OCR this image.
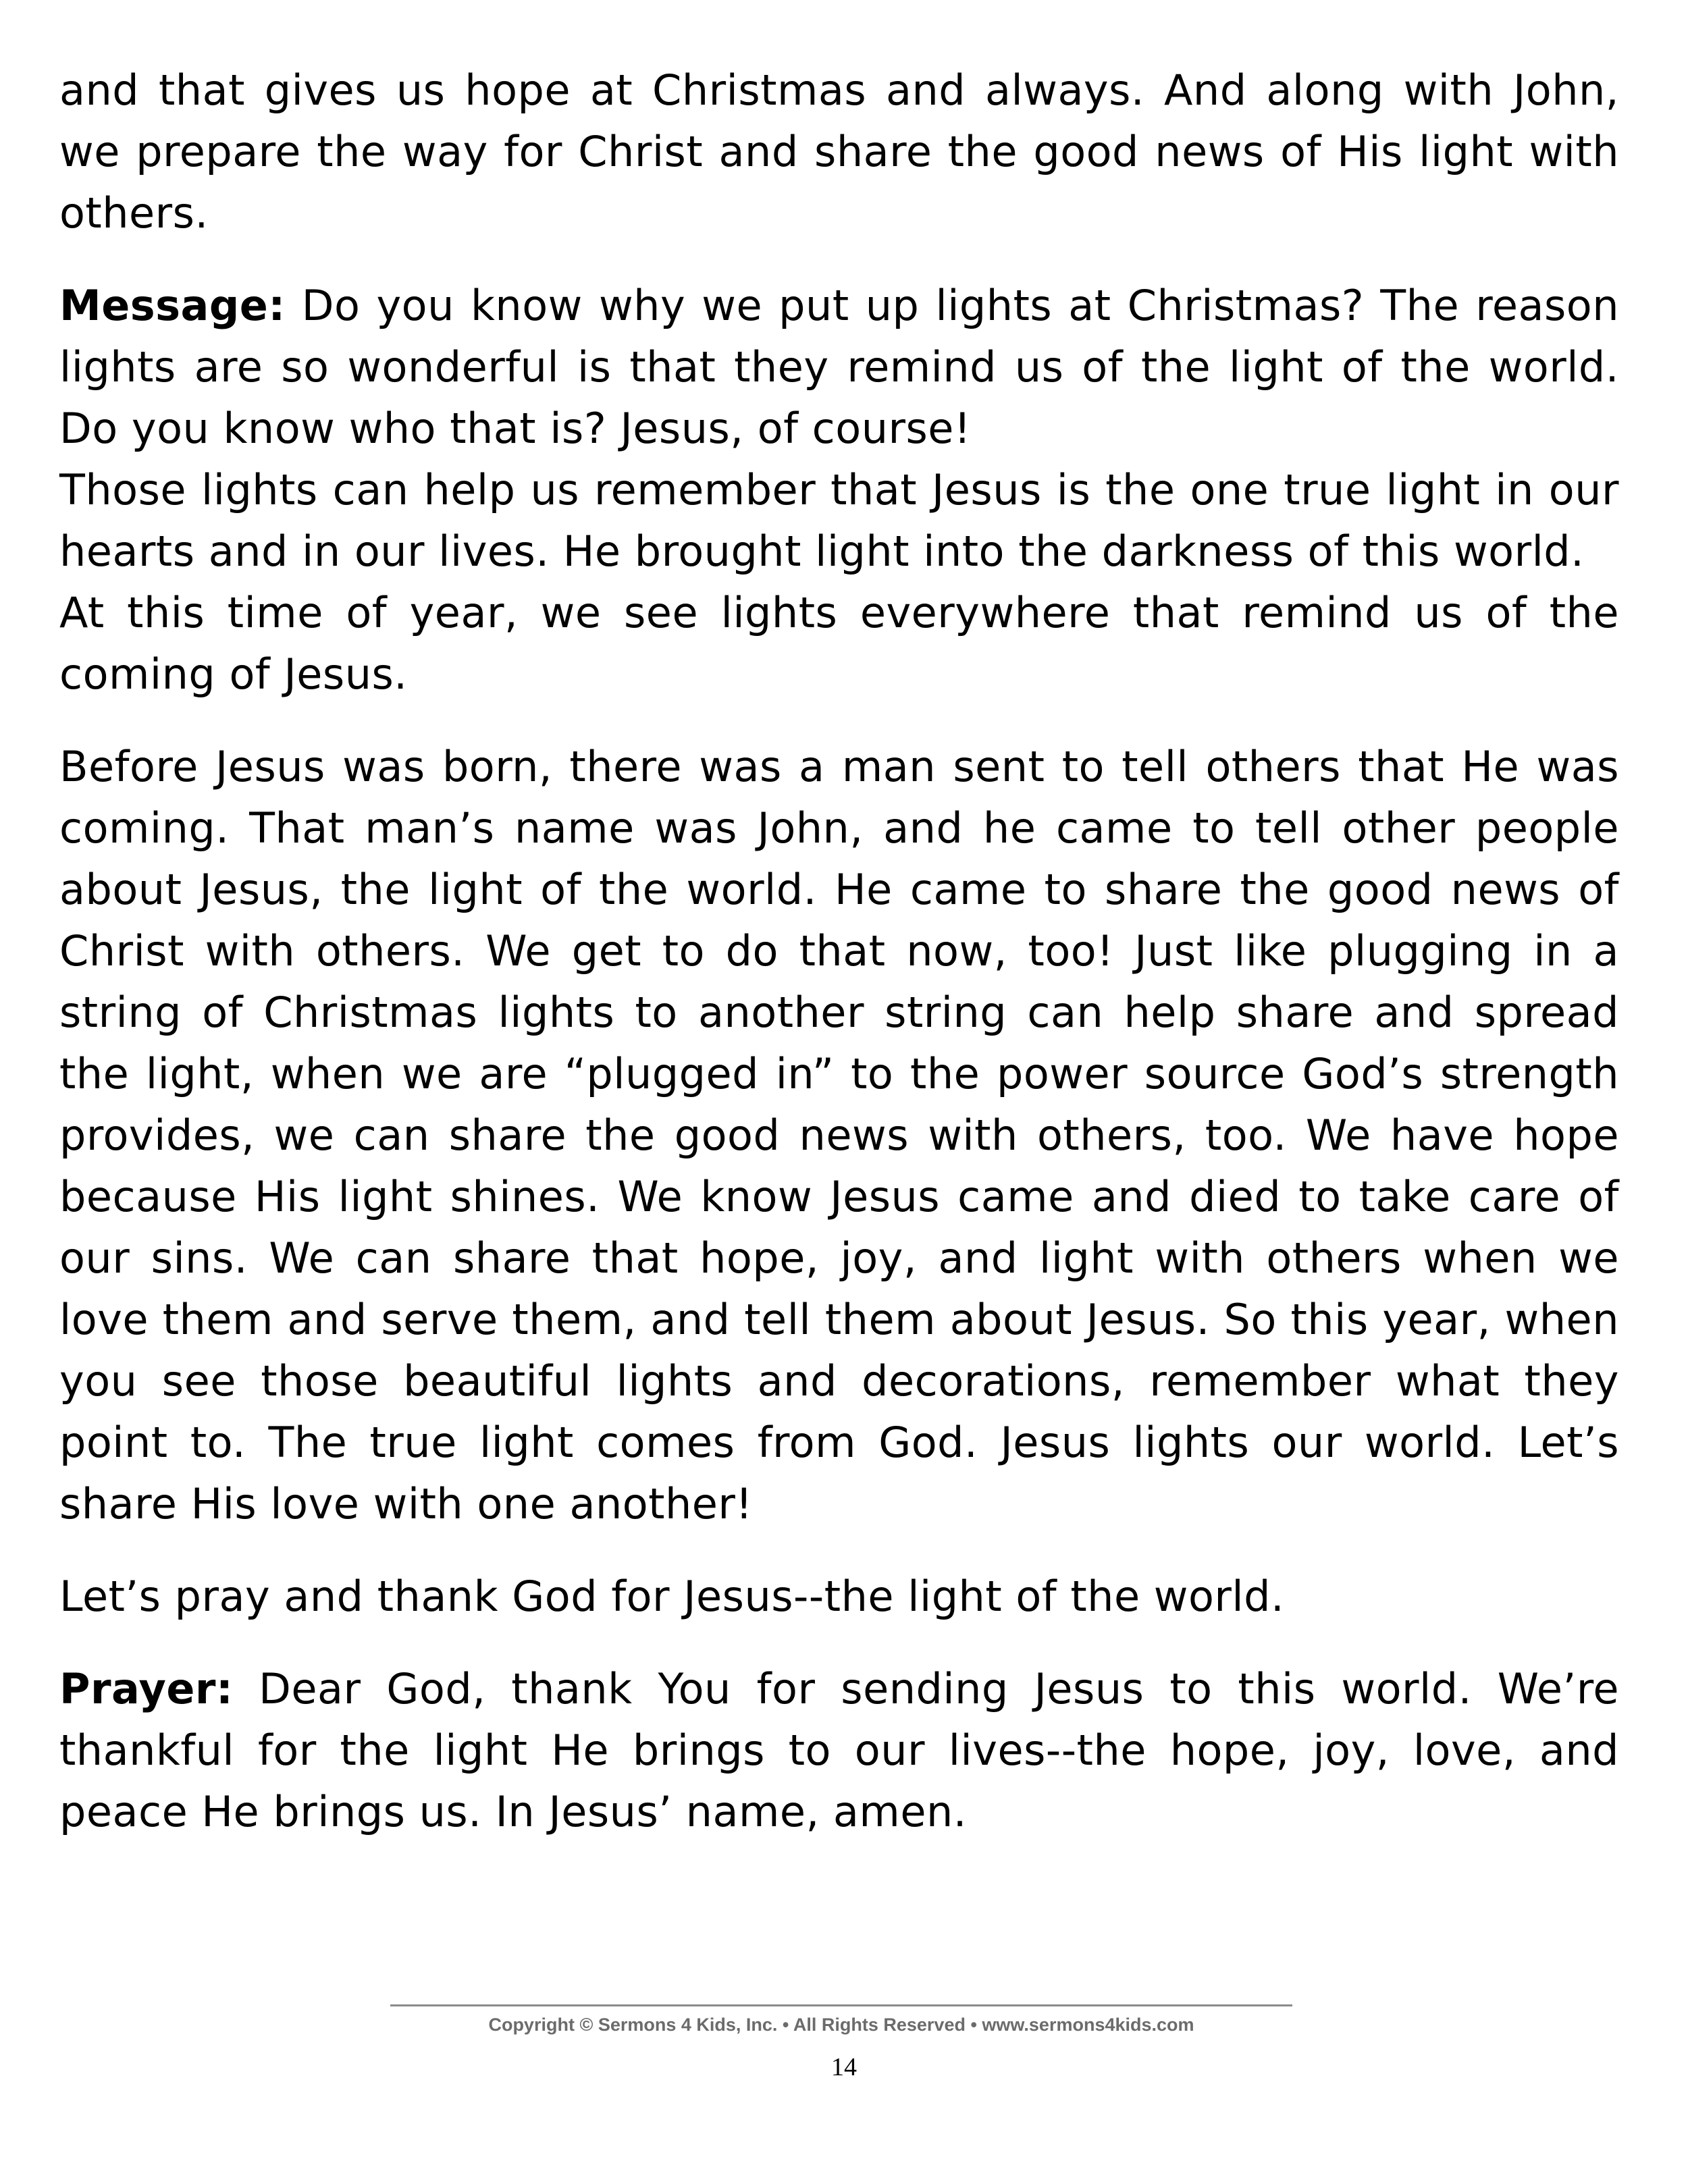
and that gives us hope at Christmas and always. And along with John, we prepare the way for Christ and share the good news of His light with others.

Message: Do you know why we put up lights at Christmas? The reason lights are so wonderful is that they remind us of the light of the world. Do you know who that is? Jesus, of course!

Those lights can help us remember that Jesus is the one true light in our hearts and in our lives. He brought light into the darkness of this world.

At this time of year, we see lights everywhere that remind us of the coming of Jesus.

Before Jesus was born, there was a man sent to tell others that He was coming. That man’s name was John, and he came to tell other people about Jesus, the light of the world. He came to share the good news of Christ with others. We get to do that now, too! Just like plugging in a string of Christmas lights to another string can help share and spread the light, when we are “plugged in” to the power source God’s strength provides, we can share the good news with others, too. We have hope because His light shines. We know Jesus came and died to take care of our sins. We can share that hope, joy, and light with others when we love them and serve them, and tell them about Jesus. So this year, when you see those beautiful lights and decorations, remember what they point to. The true light comes from God. Jesus lights our world. Let’s share His love with one another!

Let’s pray and thank God for Jesus--the light of the world.

Prayer: Dear God, thank You for sending Jesus to this world. We’re thankful for the light He brings to our lives--the hope, joy, love, and peace He brings us. In Jesus’ name, amen.

Copyright © Sermons 4 Kids, Inc. • All Rights Reserved • www.sermons4kids.com
14
